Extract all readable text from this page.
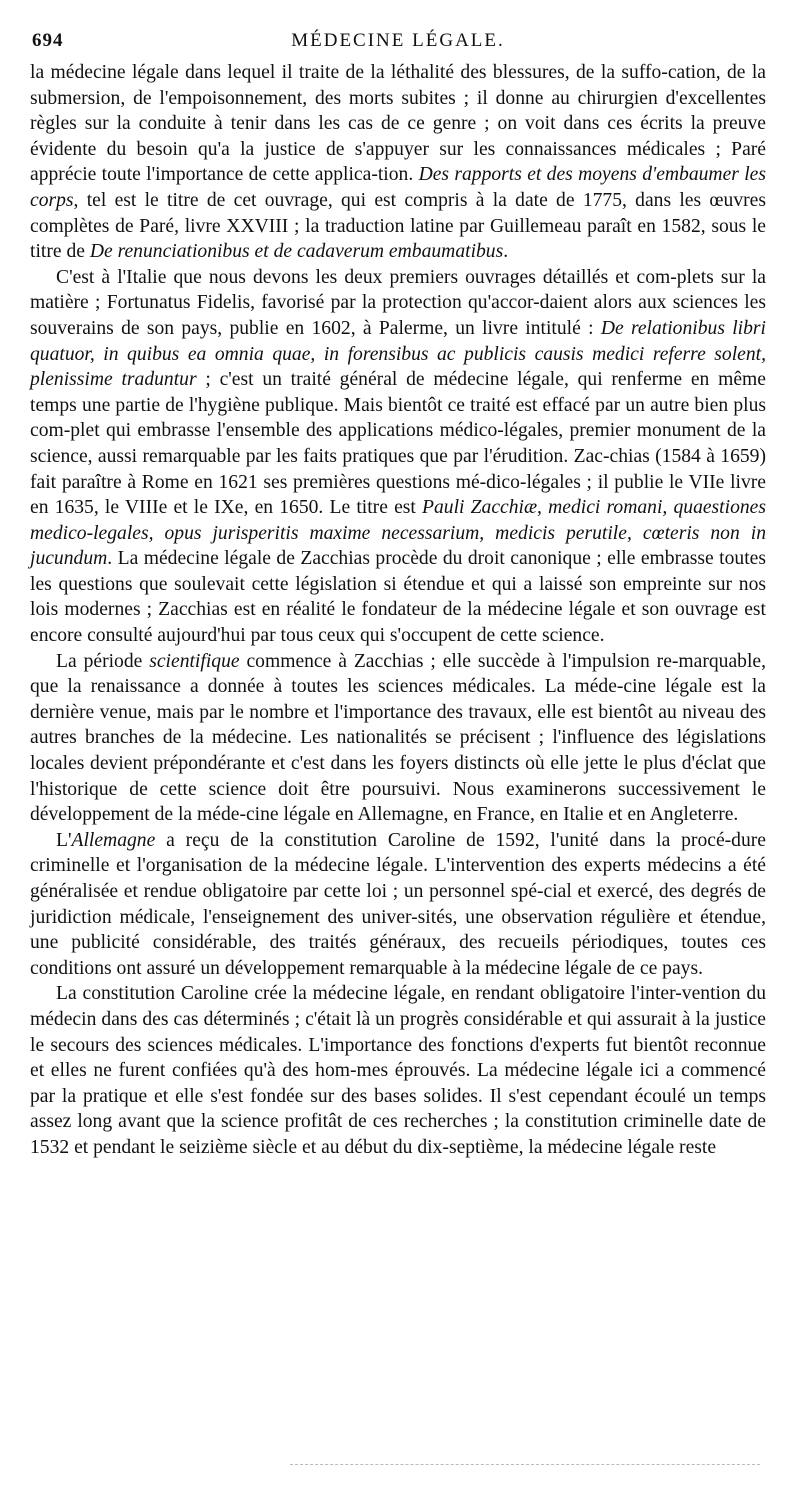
694	MÉDECINE LÉGALE.

la médecine légale dans lequel il traite de la léthalité des blessures, de la suffo-cation, de la submersion, de l'empoisonnement, des morts subites ; il donne au chirurgien d'excellentes règles sur la conduite à tenir dans les cas de ce genre ; on voit dans ces écrits la preuve évidente du besoin qu'a la justice de s'appuyer sur les connaissances médicales ; Paré apprécie toute l'importance de cette applica-tion. Des rapports et des moyens d'embaumer les corps, tel est le titre de cet ouvrage, qui est compris à la date de 1775, dans les œuvres complètes de Paré, livre XXVIII ; la traduction latine par Guillemeau paraît en 1582, sous le titre de De renunciationibus et de cadaverum embaumatibus.

C'est à l'Italie que nous devons les deux premiers ouvrages détaillés et com-plets sur la matière ; Fortunatus Fidelis, favorisé par la protection qu'accor-daient alors aux sciences les souverains de son pays, publie en 1602, à Palerme, un livre intitulé : De relationibus libri quatuor, in quibus ea omnia quae, in forensibus ac publicis causis medici referre solent, plenissime traduntur ; c'est un traité général de médecine légale, qui renferme en même temps une partie de l'hygiène publique. Mais bientôt ce traité est effacé par un autre bien plus com-plet qui embrasse l'ensemble des applications médico-légales, premier monument de la science, aussi remarquable par les faits pratiques que par l'érudition. Zac-chias (1584 à 1659) fait paraître à Rome en 1621 ses premières questions mé-dico-légales ; il publie le VIIe livre en 1635, le VIIIe et le IXe, en 1650. Le titre est Pauli Zacchiæ, medici romani, quaestiones medico-legales, opus jurisperitis maxime necessarium, medicis perutile, cœteris non in jucundum. La médecine légale de Zacchias procède du droit canonique ; elle embrasse toutes les questions que soulevait cette législation si étendue et qui a laissé son empreinte sur nos lois modernes ; Zacchias est en réalité le fondateur de la médecine légale et son ouvrage est encore consulté aujourd'hui par tous ceux qui s'occupent de cette science.

La période scientifique commence à Zacchias ; elle succède à l'impulsion re-marquable, que la renaissance a donnée à toutes les sciences médicales. La méde-cine légale est la dernière venue, mais par le nombre et l'importance des travaux, elle est bientôt au niveau des autres branches de la médecine. Les nationalités se précisent ; l'influence des législations locales devient prépondérante et c'est dans les foyers distincts où elle jette le plus d'éclat que l'historique de cette science doit être poursuivi. Nous examinerons successivement le développement de la méde-cine légale en Allemagne, en France, en Italie et en Angleterre.

L'Allemagne a reçu de la constitution Caroline de 1592, l'unité dans la procé-dure criminelle et l'organisation de la médecine légale. L'intervention des experts médecins a été généralisée et rendue obligatoire par cette loi ; un personnel spé-cial et exercé, des degrés de juridiction médicale, l'enseignement des univer-sités, une observation régulière et étendue, une publicité considérable, des traités généraux, des recueils périodiques, toutes ces conditions ont assuré un développement remarquable à la médecine légale de ce pays.

La constitution Caroline crée la médecine légale, en rendant obligatoire l'inter-vention du médecin dans des cas déterminés ; c'était là un progrès considérable et qui assurait à la justice le secours des sciences médicales. L'importance des fonctions d'experts fut bientôt reconnue et elles ne furent confiées qu'à des hom-mes éprouvés. La médecine légale ici a commencé par la pratique et elle s'est fondée sur des bases solides. Il s'est cependant écoulé un temps assez long avant que la science profitât de ces recherches ; la constitution criminelle date de 1532 et pendant le seizième siècle et au début du dix-septième, la médecine légale reste
